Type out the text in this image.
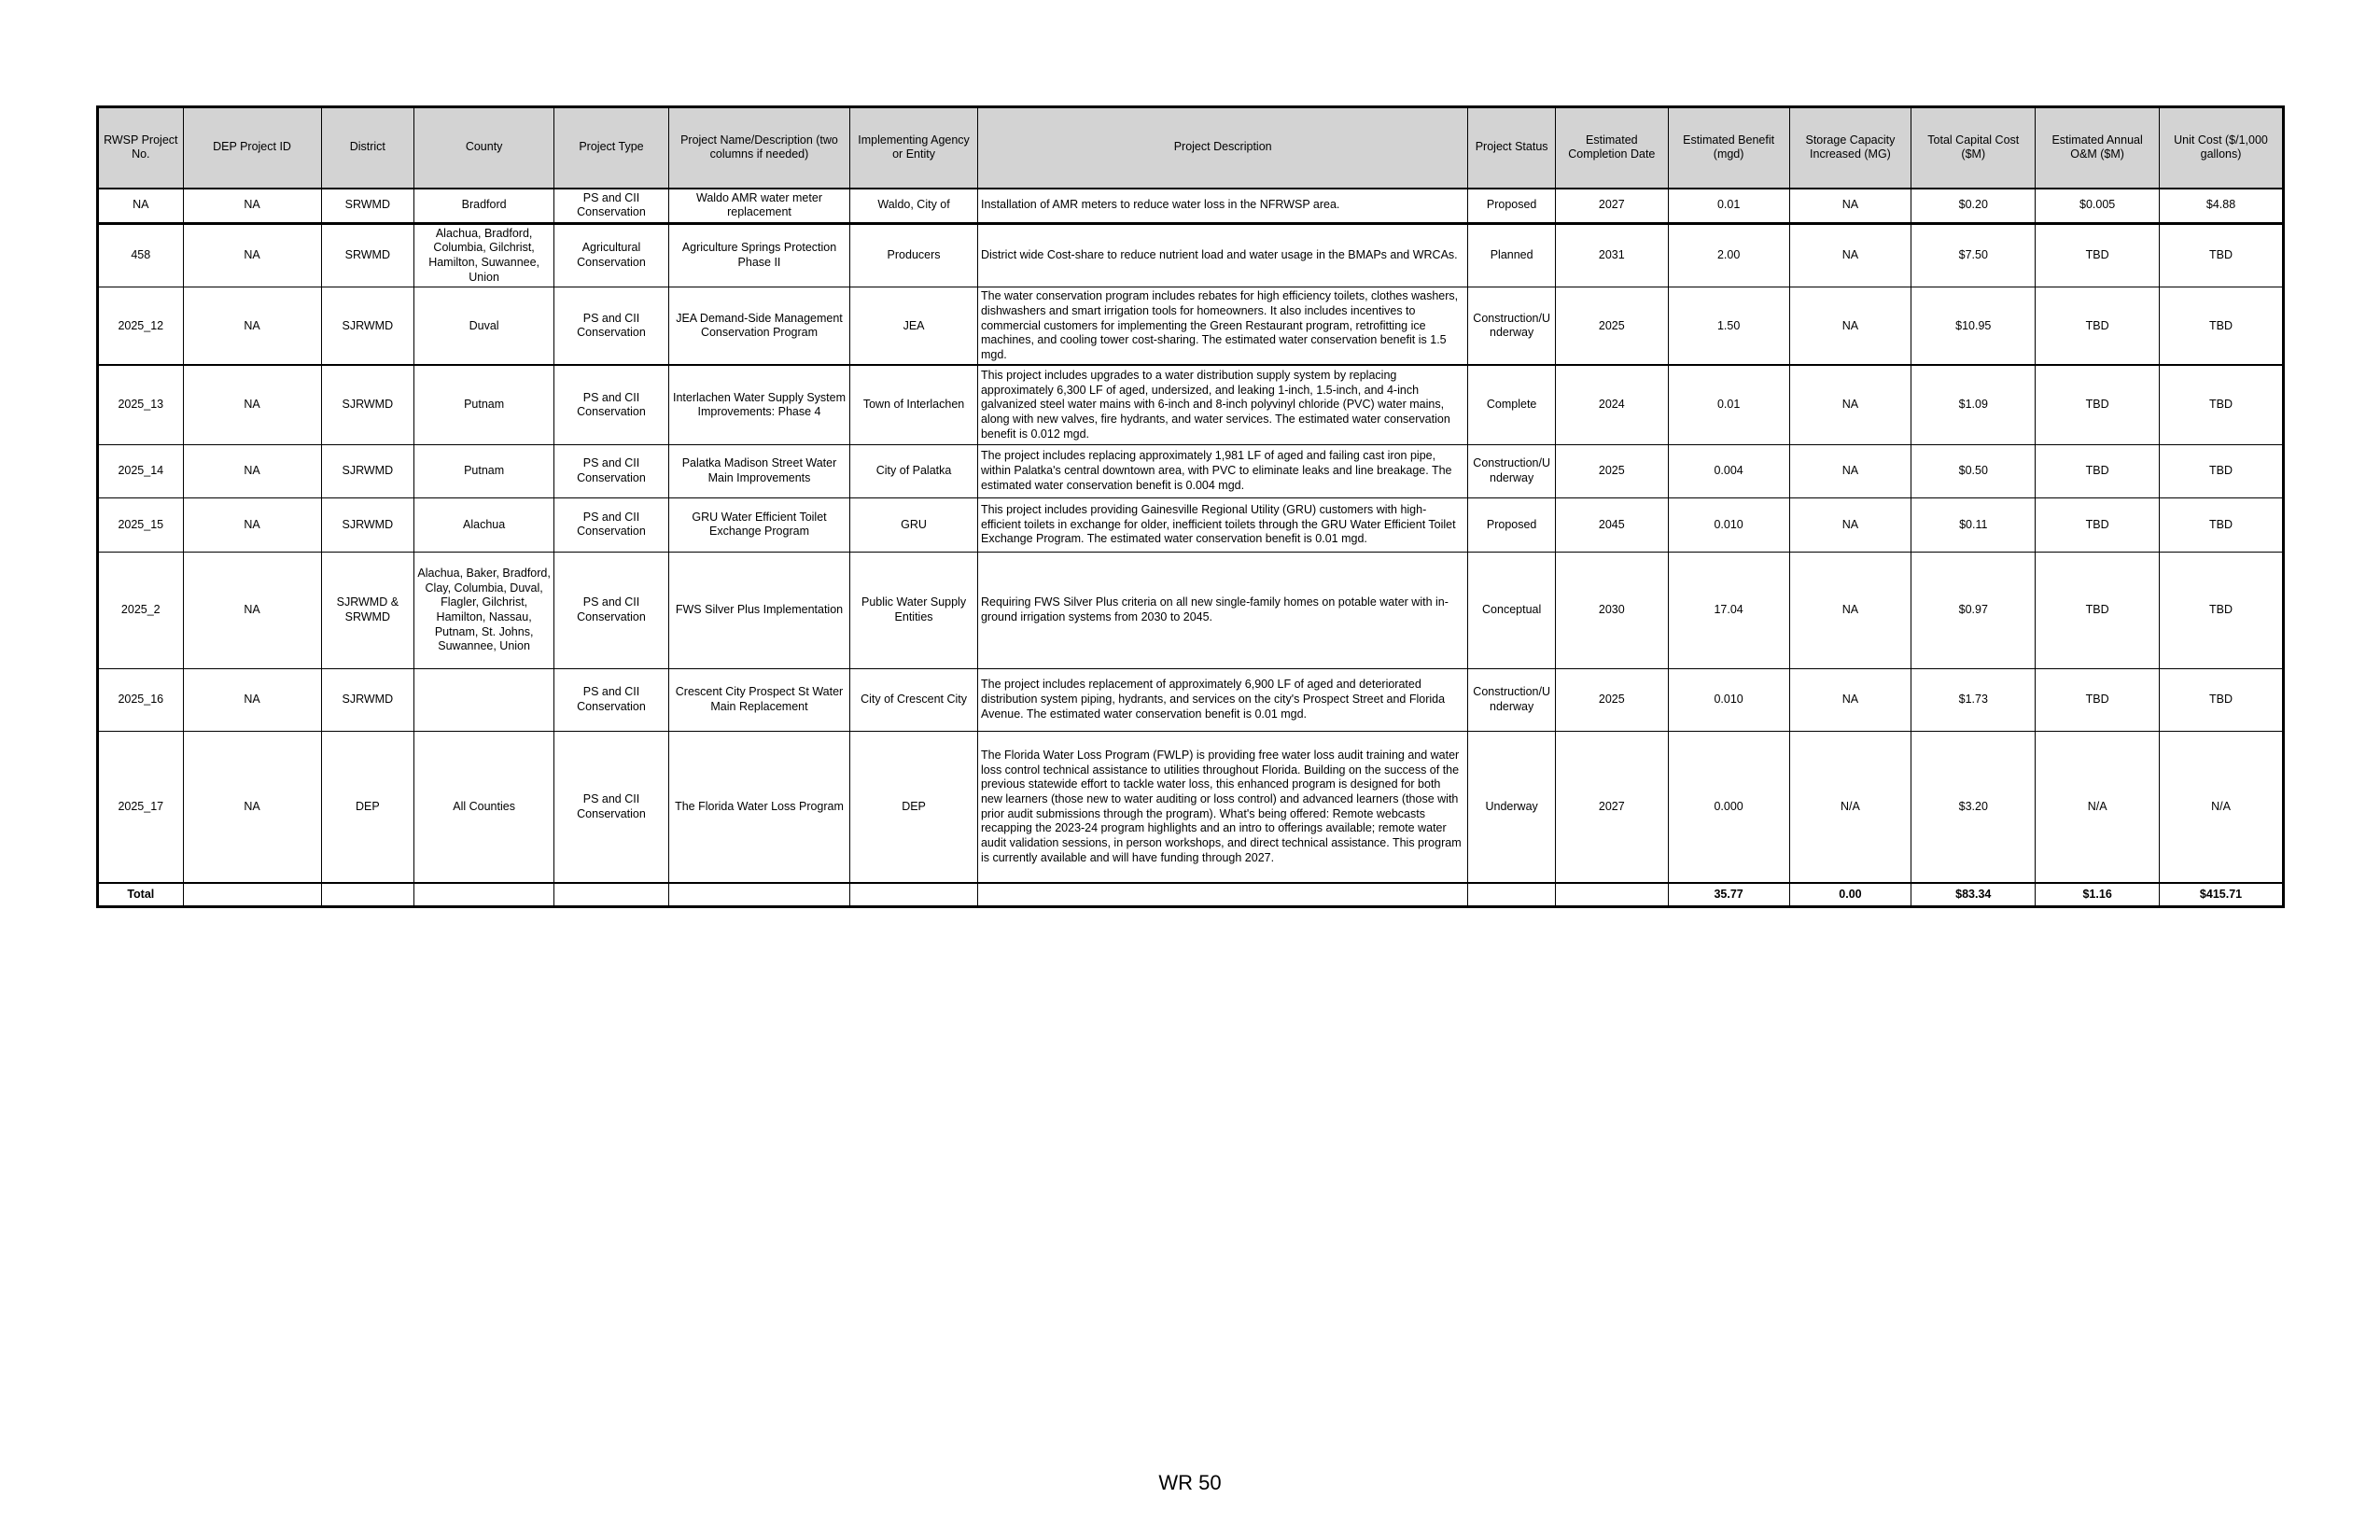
RWSP Project No.	DEP Project ID	District	County	Project Type	Project Name/Description (two columns if needed)	Implementing Agency or Entity	Project Description	Project Status	Estimated Completion Date	Estimated Benefit (mgd)	Storage Capacity Increased (MG)	Total Capital Cost ($M)	Estimated Annual O&M ($M)	Unit Cost ($/1,000 gallons)
NA	NA	SRWMD	Bradford	PS and CII Conservation	Waldo AMR water meter replacement	Waldo, City of	Installation of AMR meters to reduce water loss in the NFRWSP area.	Proposed	2027	0.01	NA	$0.20	$0.005	$4.88
458	NA	SRWMD	Alachua, Bradford, Columbia, Gilchrist, Hamilton, Suwannee, Union	Agricultural Conservation	Agriculture Springs Protection Phase II	Producers	District wide Cost-share to reduce nutrient load and water usage in the BMAPs and WRCAs.	Planned	2031	2.00	NA	$7.50	TBD	TBD
2025_12	NA	SJRWMD	Duval	PS and CII Conservation	JEA Demand-Side Management Conservation Program	JEA	The water conservation program includes rebates for high efficiency toilets, clothes washers, dishwashers and smart irrigation tools for homeowners. It also includes incentives to commercial customers for implementing the Green Restaurant program, retrofitting ice machines, and cooling tower cost-sharing. The estimated water conservation benefit is 1.5 mgd.	Construction/Underway	2025	1.50	NA	$10.95	TBD	TBD
2025_13	NA	SJRWMD	Putnam	PS and CII Conservation	Interlachen Water Supply System Improvements: Phase 4	Town of Interlachen	This project includes upgrades to a water distribution supply system by replacing approximately 6,300 LF of aged, undersized, and leaking 1-inch, 1.5-inch, and 4-inch galvanized steel water mains with 6-inch and 8-inch polyvinyl chloride (PVC) water mains, along with new valves, fire hydrants, and water services. The estimated water conservation benefit is 0.012 mgd.	Complete	2024	0.01	NA	$1.09	TBD	TBD
2025_14	NA	SJRWMD	Putnam	PS and CII Conservation	Palatka Madison Street Water Main Improvements	City of Palatka	The project includes replacing approximately 1,981 LF of aged and failing cast iron pipe, within Palatka's central downtown area, with PVC to eliminate leaks and line breakage. The estimated water conservation benefit is 0.004 mgd.	Construction/Underway	2025	0.004	NA	$0.50	TBD	TBD
2025_15	NA	SJRWMD	Alachua	PS and CII Conservation	GRU Water Efficient Toilet Exchange Program	GRU	This project includes providing Gainesville Regional Utility (GRU) customers with high-efficient toilets in exchange for older, inefficient toilets through the GRU Water Efficient Toilet Exchange Program. The estimated water conservation benefit is 0.01 mgd.	Proposed	2045	0.010	NA	$0.11	TBD	TBD
2025_2	NA	SJRWMD & SRWMD	Alachua, Baker, Bradford, Clay, Columbia, Duval, Flagler, Gilchrist, Hamilton, Nassau, Putnam, St. Johns, Suwannee, Union	PS and CII Conservation	FWS Silver Plus Implementation	Public Water Supply Entities	Requiring FWS Silver Plus criteria on all new single-family homes on potable water with in-ground irrigation systems from 2030 to 2045.	Conceptual	2030	17.04	NA	$0.97	TBD	TBD
2025_16	NA	SJRWMD		PS and CII Conservation	Crescent City Prospect St Water Main Replacement	City of Crescent City	The project includes replacement of approximately 6,900 LF of aged and deteriorated distribution system piping, hydrants, and services on the city's Prospect Street and Florida Avenue. The estimated water conservation benefit is 0.01 mgd.	Construction/Underway	2025	0.010	NA	$1.73	TBD	TBD
2025_17	NA	DEP	All Counties	PS and CII Conservation	The Florida Water Loss Program	DEP	The Florida Water Loss Program (FWLP) is providing free water loss audit training and water loss control technical assistance to utilities throughout Florida. Building on the success of the previous statewide effort to tackle water loss, this enhanced program is designed for both new learners (those new to water auditing or loss control) and advanced learners (those with prior audit submissions through the program). What's being offered: Remote webcasts recapping the 2023-24 program highlights and an intro to offerings available; remote water audit validation sessions, in person workshops, and direct technical assistance. This program is currently available and will have funding through 2027.	Underway	2027	0.000	N/A	$3.20	N/A	N/A
Total										35.77	0.00	$83.34	$1.16	$415.71
WR 50
